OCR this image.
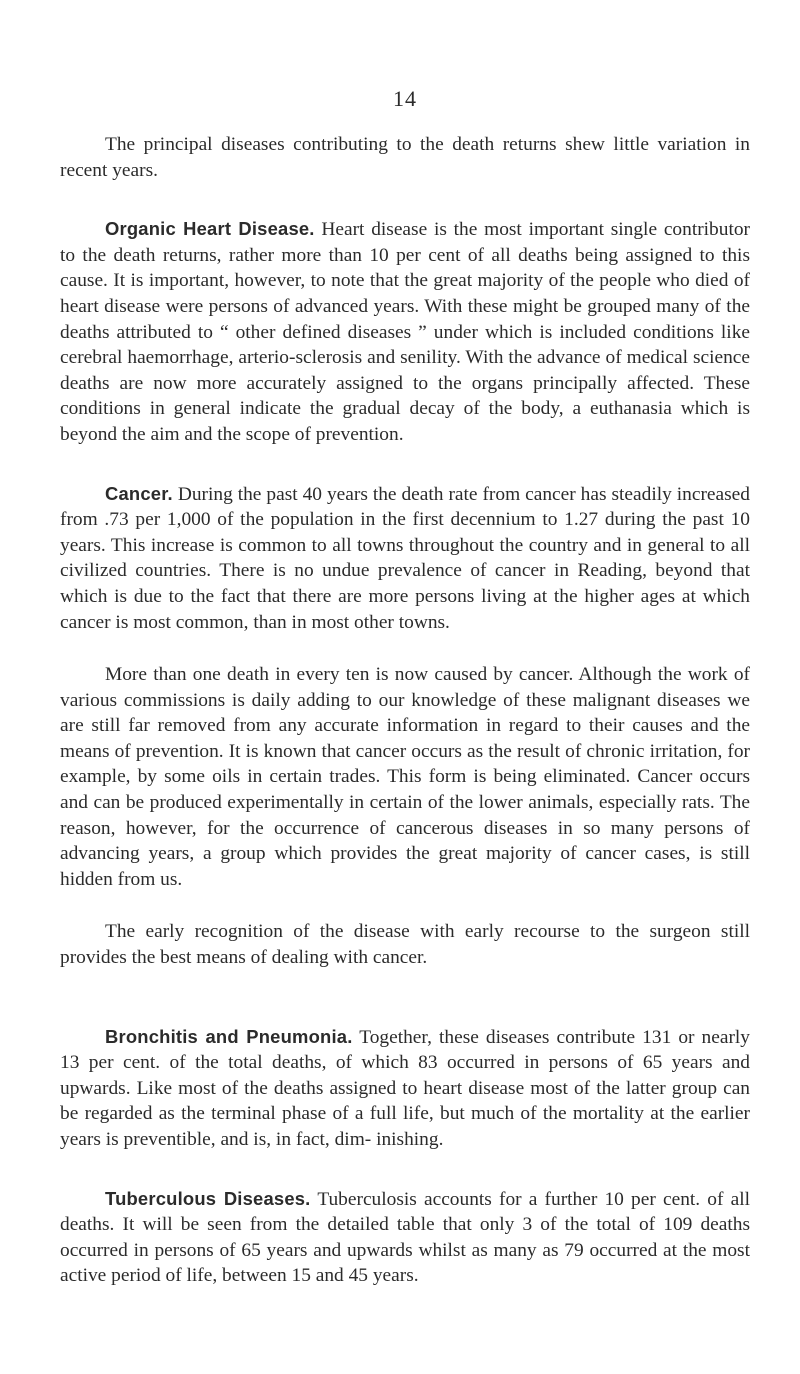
14

The principal diseases contributing to the death returns shew little variation in recent years.

Organic Heart Disease. Heart disease is the most important single contributor to the death returns, rather more than 10 per cent of all deaths being assigned to this cause. It is important, however, to note that the great majority of the people who died of heart disease were persons of advanced years. With these might be grouped many of the deaths attributed to “ other defined diseases ” under which is included conditions like cerebral haemorrhage, arterio-sclerosis and senility. With the advance of medical science deaths are now more accurately assigned to the organs principally affected. These conditions in general indicate the gradual decay of the body, a euthanasia which is beyond the aim and the scope of prevention.

Cancer. During the past 40 years the death rate from cancer has steadily increased from .73 per 1,000 of the population in the first decennium to 1.27 during the past 10 years. This increase is common to all towns throughout the country and in general to all civilized countries. There is no undue prevalence of cancer in Reading, beyond that which is due to the fact that there are more persons living at the higher ages at which cancer is most common, than in most other towns.

More than one death in every ten is now caused by cancer. Although the work of various commissions is daily adding to our knowledge of these malignant diseases we are still far removed from any accurate information in regard to their causes and the means of prevention. It is known that cancer occurs as the result of chronic irritation, for example, by some oils in certain trades. This form is being eliminated. Cancer occurs and can be produced experimentally in certain of the lower animals, especially rats. The reason, however, for the occurrence of cancerous diseases in so many persons of advancing years, a group which provides the great majority of cancer cases, is still hidden from us.

The early recognition of the disease with early recourse to the surgeon still provides the best means of dealing with cancer.

Bronchitis and Pneumonia. Together, these diseases contribute 131 or nearly 13 per cent. of the total deaths, of which 83 occurred in persons of 65 years and upwards. Like most of the deaths assigned to heart disease most of the latter group can be regarded as the terminal phase of a full life, but much of the mortality at the earlier years is preventible, and is, in fact, dim- inishing.

Tuberculous Diseases. Tuberculosis accounts for a further 10 per cent. of all deaths. It will be seen from the detailed table that only 3 of the total of 109 deaths occurred in persons of 65 years and upwards whilst as many as 79 occurred at the most active period of life, between 15 and 45 years.
